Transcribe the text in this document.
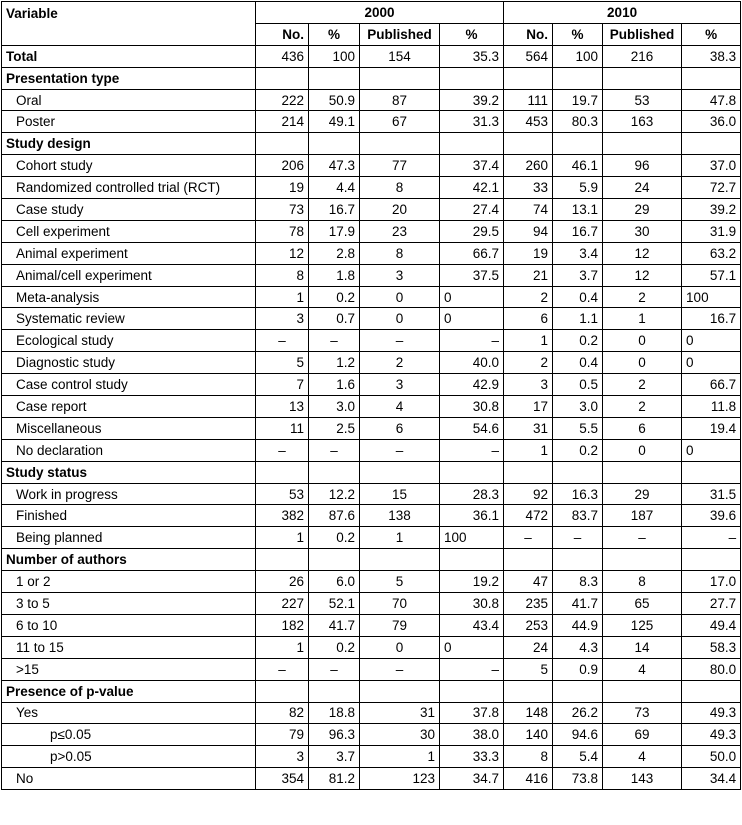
Variable	2000				2010			
	No.	%	Published	%	No.	%	Published	%
Total	436	100	154	35.3	564	100	216	38.3
Presentation type								
Oral	222	50.9	87	39.2	111	19.7	53	47.8
Poster	214	49.1	67	31.3	453	80.3	163	36.0
Study design								
Cohort study	206	47.3	77	37.4	260	46.1	96	37.0
Randomized controlled trial (RCT)	19	4.4	8	42.1	33	5.9	24	72.7
Case study	73	16.7	20	27.4	74	13.1	29	39.2
Cell experiment	78	17.9	23	29.5	94	16.7	30	31.9
Animal experiment	12	2.8	8	66.7	19	3.4	12	63.2
Animal/cell experiment	8	1.8	3	37.5	21	3.7	12	57.1
Meta-analysis	1	0.2	0	0	2	0.4	2	100
Systematic review	3	0.7	0	0	6	1.1	1	16.7
Ecological study	–	–	–	–	1	0.2	0	0
Diagnostic study	5	1.2	2	40.0	2	0.4	0	0
Case control study	7	1.6	3	42.9	3	0.5	2	66.7
Case report	13	3.0	4	30.8	17	3.0	2	11.8
Miscellaneous	11	2.5	6	54.6	31	5.5	6	19.4
No declaration	–	–	–	–	1	0.2	0	0
Study status								
Work in progress	53	12.2	15	28.3	92	16.3	29	31.5
Finished	382	87.6	138	36.1	472	83.7	187	39.6
Being planned	1	0.2	1	100	–	–	–	–
Number of authors								
1 or 2	26	6.0	5	19.2	47	8.3	8	17.0
3 to 5	227	52.1	70	30.8	235	41.7	65	27.7
6 to 10	182	41.7	79	43.4	253	44.9	125	49.4
11 to 15	1	0.2	0	0	24	4.3	14	58.3
>15	–	–	–	–	5	0.9	4	80.0
Presence of p-value								
Yes	82	18.8	31	37.8	148	26.2	73	49.3
p≤0.05	79	96.3	30	38.0	140	94.6	69	49.3
p>0.05	3	3.7	1	33.3	8	5.4	4	50.0
No	354	81.2	123	34.7	416	73.8	143	34.4
